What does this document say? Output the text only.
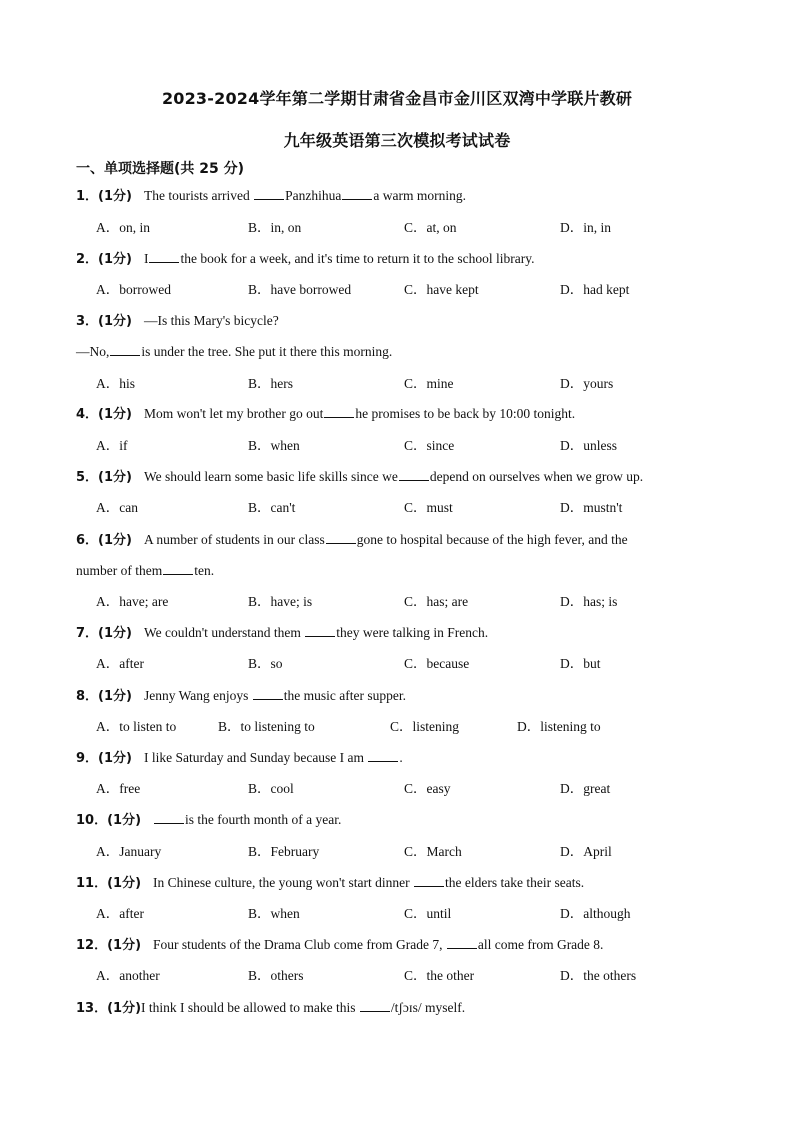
2023-2024学年第二学期甘肃省金昌市金川区双湾中学联片教研
九年级英语第三次模拟考试试卷
一、单项选择题(共 25 分)
1．(1分) The tourists arrived Panzhihua a warm morning.
A．on, in	B．in, on	C．at, on	D．in, in
2．(1分) I the book for a week, and it's time to return it to the school library.
A．borrowed	B．have borrowed	C．have kept	D．had kept
3．(1分) —Is this Mary's bicycle?
—No, is under the tree. She put it there this morning.
A．his	B．hers	C．mine	D．yours
4．(1分) Mom won't let my brother go out he promises to be back by 10:00 tonight.
A．if	B．when	C．since	D．unless
5．(1分) We should learn some basic life skills since we depend on ourselves when we grow up.
A．can	B．can't	C．must	D．mustn't
6．(1分) A number of students in our class gone to hospital because of the high fever, and the
number of them ten.
A．have; are	B．have; is	C．has; are	D．has; is
7．(1分) We couldn't understand them they were talking in French.
A．after	B．so	C．because	D．but
8．(1分) Jenny Wang enjoys the music after supper.
A．to listen to	B．to listening to	C．listening	D．listening to
9．(1分) I like Saturday and Sunday because I am .
A．free	B．cool	C．easy	D．great
10．(1分)	is the fourth month of a year.
A．January	B．February	C．March	D．April
11．(1分) In Chinese culture, the young won't start dinner the elders take their seats.
A．after	B．when	C．until	D．although
12．(1分) Four students of the Drama Club come from Grade 7, all come from Grade 8.
A．another	B．others	C．the other	D．the others
13．(1分)I think I should be allowed to make this /tʃɔɪs/ myself.
